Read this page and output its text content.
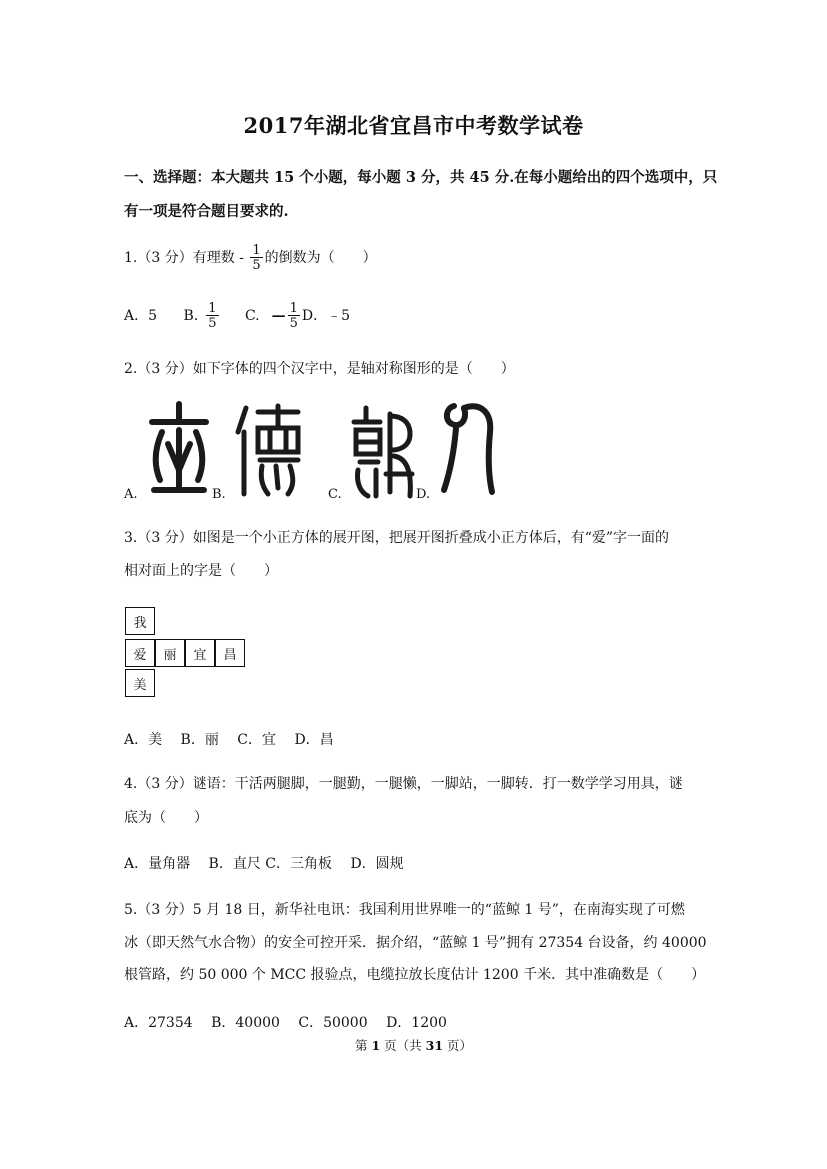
2017年湖北省宜昌市中考数学试卷
一、选择题：本大题共 15 个小题，每小题 3 分，共 45 分.在每小题给出的四个选项中，只
有一项是符合题目要求的.
1.（3 分）有理数 - $\frac{1}{5}$ 的倒数为（　　）
A．5 B. $\frac{1}{5} C$. — $\frac{1}{5}$ D．﹣5
2.（3 分）如下字体的四个汉字中，是轴对称图形的是（　　）
A.	B.	C.	D.
3.（3 分）如图是一个小正方体的展开图，把展开图折叠成小正方体后，有“爱”字一面的
相对面上的字是（　　）
我
爱	丽	宜	昌
美
A．美　 B．丽　 C．宜　 D．昌
4.（3 分）谜语：干活两腿脚，一腿勤，一腿懒，一脚站，一脚转．打一数学学习用具，谜
底为（　　）
A．量角器　 B．直尺 C．三角板　 D．圆规
5.（3 分）5 月 18 日，新华社电讯：我国利用世界唯一的“蓝鲸 1 号”，在南海实现了可燃
冰（即天然气水合物）的安全可控开采．据介绍，“蓝鲸 1 号”拥有 27354 台设备，约 40000
根管路，约 50 000 个 MCC 报验点，电缆拉放长度估计 1200 千米．其中准确数是（　　）
A．27354　 B．40000　 C．50000　 D．1200
第 1 页（共 31 页）
